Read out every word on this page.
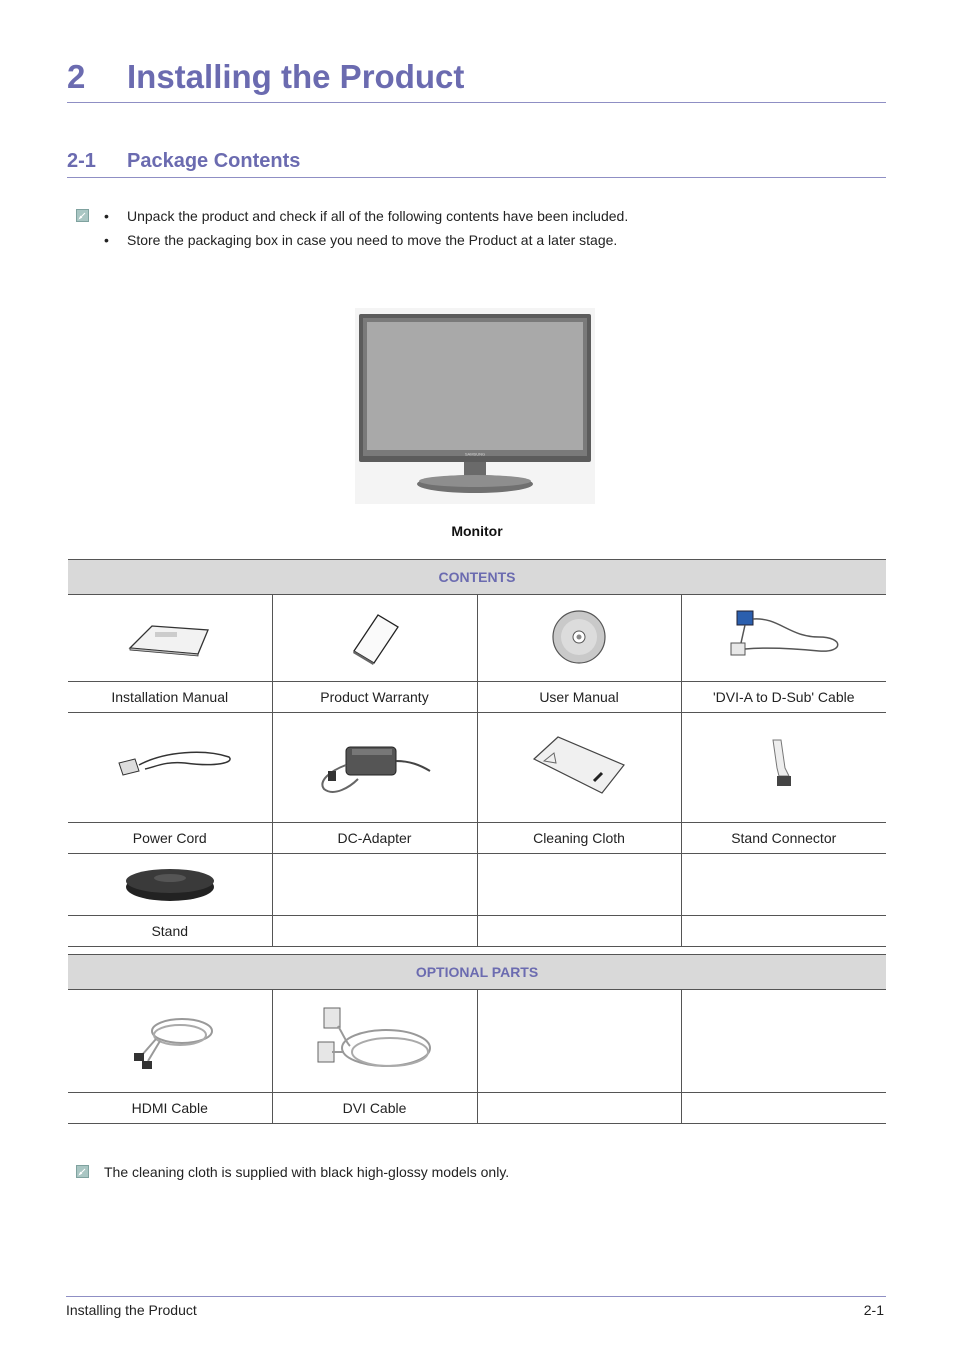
2 Installing the Product
2-1 Package Contents
• Unpack the product and check if all of the following contents have been included.
• Store the packaging box in case you need to move the Product at a later stage.
SAMSUNG
Monitor
CONTENTS			

Installation Manual	Product Warranty	User Manual	'DVI-A to D-Sub' Cable

Power Cord	DC-Adapter	Cleaning Cloth	Stand Connector

Stand			
OPTIONAL PARTS			

HDMI Cable	DVI Cable		
The cleaning cloth is supplied with black high-glossy models only.
Installing the Product	2-1
